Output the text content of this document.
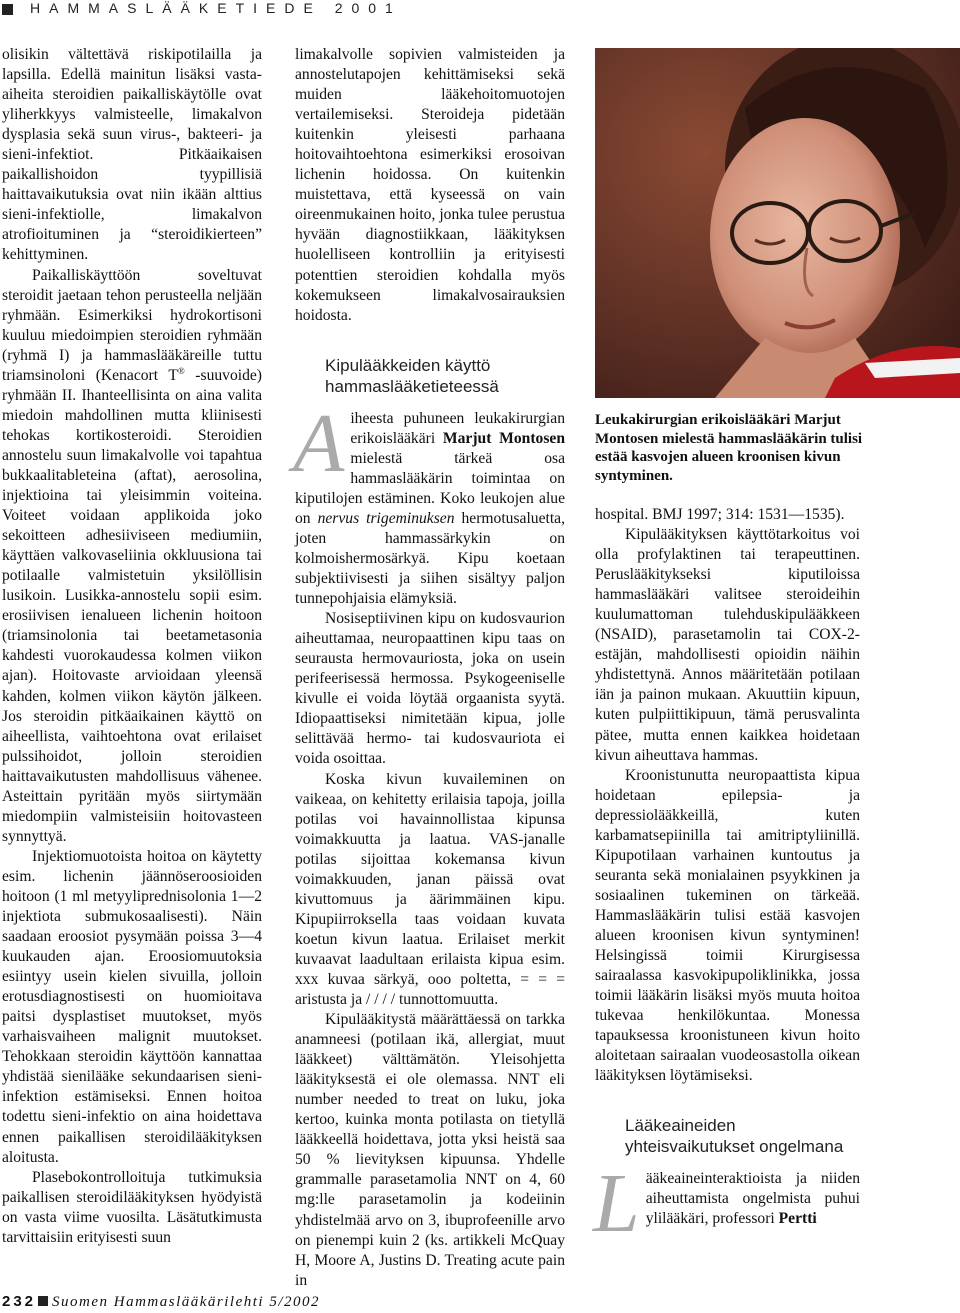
HAMMASLÄÄKETIEDE 2001

olisikin vältettävä riskipotilailla ja lapsilla. Edellä mainitun lisäksi vasta-aiheita steroidien paikalliskäytölle ovat yliherkkyys valmisteelle, limakalvon dysplasia sekä suun virus-, bakteeri- ja sieni-infektiot. Pitkäaikaisen paikallishoidon tyypillisiä haittavaikutuksia ovat niin ikään alttius sieni-infektiolle, limakalvon atrofioituminen ja “steroidikierteen” kehittyminen.

Paikalliskäyttöön soveltuvat steroidit jaetaan tehon perusteella neljään ryhmään. Esimerkiksi hydrokortisoni kuuluu miedoimpien steroidien ryhmään (ryhmä I) ja hammaslääkäreille tuttu triamsinoloni (Kenacort T® -suuvoide) ryhmään II. Ihanteellisinta on aina valita miedoin mahdollinen mutta kliinisesti tehokas kortikosteroidi. Steroidien annostelu suun limakalvolle voi tapahtua bukkaalitableteina (aftat), aerosolina, injektioina tai yleisimmin voiteina. Voiteet voidaan applikoida joko sekoitteen adhesiiviseen mediumiin, käyttäen valkovaseliinia okkluusiona tai potilaalle valmistetuin yksilöllisin lusikoin. Lusikka-annostelu sopii esim. erosiivisen ienalueen lichenin hoitoon (triamsinolonia tai beetametasonia kahdesti vuorokaudessa kolmen viikon ajan). Hoitovaste arvioidaan yleensä kahden, kolmen viikon käytön jälkeen. Jos steroidin pitkäaikainen käyttö on aiheellista, vaihtoehtona ovat erilaiset pulssihoidot, jolloin steroidien haittavaikutusten mahdollisuus vähenee. Asteittain pyritään myös siirtymään miedompiin valmisteisiin hoitovasteen synnyttyä.

Injektiomuotoista hoitoa on käytetty esim. lichenin jäännöseroosioiden hoitoon (1 ml metyyliprednisolonia 1—2 injektiota submukosaalisesti). Näin saadaan eroosiot pysymään poissa 3—4 kuukauden ajan. Eroosiomuutoksia esiintyy usein kielen sivuilla, jolloin erotusdiagnostisesti on huomioitava paitsi dysplastiset muutokset, myös varhaisvaiheen malignit muutokset. Tehokkaan steroidin käyttöön kannattaa yhdistää sienilääke sekundaarisen sieni-infektion estämiseksi. Ennen hoitoa todettu sieni-infektio on aina hoidettava ennen paikallisen steroidilääkityksen aloitusta.

Plasebokontrolloituja tutkimuksia paikallisen steroidilääkityksen hyödyistä on vasta viime vuosilta. Läsätutkimusta tarvittaisiin erityisesti suun

limakalvolle sopivien valmisteiden ja annostelutapojen kehittämiseksi sekä muiden lääkehoitomuotojen vertailemiseksi. Steroideja pidetään kuitenkin yleisesti parhaana hoitovaihtoehtona esimerkiksi erosoivan lichenin hoidossa. On kuitenkin muistettava, että kyseessä on vain oireenmukainen hoito, jonka tulee perustua hyvään diagnostiikkaan, lääkityksen huolelliseen kontrolliin ja erityisesti potenttien steroidien kohdalla myös kokemukseen limakalvosairauksien hoidosta.

Kipulääkkeiden käyttö

hammaslääketieteessä

Aiheesta puhuneen leukakirurgian erikoislääkäri Marjut Montosen mielestä tärkeä osa hammaslääkärin toimintaa on kiputilojen estäminen. Koko leukojen alue on nervus trigeminuksen hermotusaluetta, joten hammassärkykin on kolmoishermosärkyä. Kipu koetaan subjektiivisesti ja siihen sisältyy paljon tunnepohjaisia elämyksiä.

Nosiseptiivinen kipu on kudosvaurion aiheuttamaa, neuropaattinen kipu taas on seurausta hermovauriosta, joka on usein perifeerisessä hermossa. Psykogeeniselle kivulle ei voida löytää orgaanista syytä. Idiopaattiseksi nimitetään kipua, jolle selittävää hermo- tai kudosvauriota ei voida osoittaa.

Koska kivun kuvaileminen on vaikeaa, on kehitetty erilaisia tapoja, joilla potilas voi havainnollistaa kipunsa voimakkuutta ja laatua. VAS-janalle potilas sijoittaa kokemansa kivun voimakkuuden, janan päissä ovat kivuttomuus ja äärimmäinen kipu. Kipupiirroksella taas voidaan kuvata koetun kivun laatua. Erilaiset merkit kuvaavat laadultaan erilaista kipua esim. xxx kuvaa särkyä, ooo poltetta, = = = aristusta ja / / / / tunnottomuutta.

Kipulääkitystä määrättäessä on tarkka anamneesi (potilaan ikä, allergiat, muut lääkkeet) välttämätön. Yleisohjetta lääkityksestä ei ole olemassa. NNT eli number needed to treat on luku, joka kertoo, kuinka monta potilasta on tietyllä lääkkeellä hoidettava, jotta yksi heistä saa 50 % lievityksen kipuunsa. Yhdelle grammalle parasetamolia NNT on 4, 60 mg:lle parasetamolin ja kodeiinin yhdistelmää arvo on 3, ibuprofeenille arvo on pienempi kuin 2 (ks. artikkeli McQuay H, Moore A, Justins D. Treating acute pain in

Leukakirurgian erikoislääkäri Marjut Montosen mielestä hammaslääkärin tulisi estää kasvojen alueen kroonisen kivun syntyminen.

hospital. BMJ 1997; 314: 1531—1535).

Kipulääkityksen käyttötarkoitus voi olla profylaktinen tai terapeuttinen. Peruslääkitykseksi kiputiloissa hammaslääkäri valitsee steroideihin kuulumattoman tulehduskipulääkkeen (NSAID), parasetamolin tai COX-2-estäjän, mahdollisesti opioidin näihin yhdistettynä. Annos määritetään potilaan iän ja painon mukaan. Akuuttiin kipuun, kuten pulpiittikipuun, tämä perusvalinta pätee, mutta ennen kaikkea hoidetaan kivun aiheuttava hammas.

Kroonistunutta neuropaattista kipua hoidetaan epilepsia- ja depressiolääkkeillä, kuten karbamatsepiinilla tai amitriptyliinillä. Kipupotilaan varhainen kuntoutus ja seuranta sekä monialainen psyykkinen ja sosiaalinen tukeminen on tärkeää. Hammaslääkärin tulisi estää kasvojen alueen kroonisen kivun syntyminen! Helsingissä toimii Kirurgisessa sairaalassa kasvokipupoliklinikka, jossa toimii lääkärin lisäksi myös muuta hoitoa tukevaa henkilökuntaa. Monessa tapauksessa kroonistuneen kivun hoito aloitetaan sairaalan vuodeosastolla oikean lääkityksen löytämiseksi.

Lääkeaineiden

yhteisvaikutukset ongelmana

Lääkeaineinteraktioista ja niiden aiheuttamista ongelmista puhui ylilääkäri, professori Pertti

232 Suomen Hammaslääkärilehti 5/2002
